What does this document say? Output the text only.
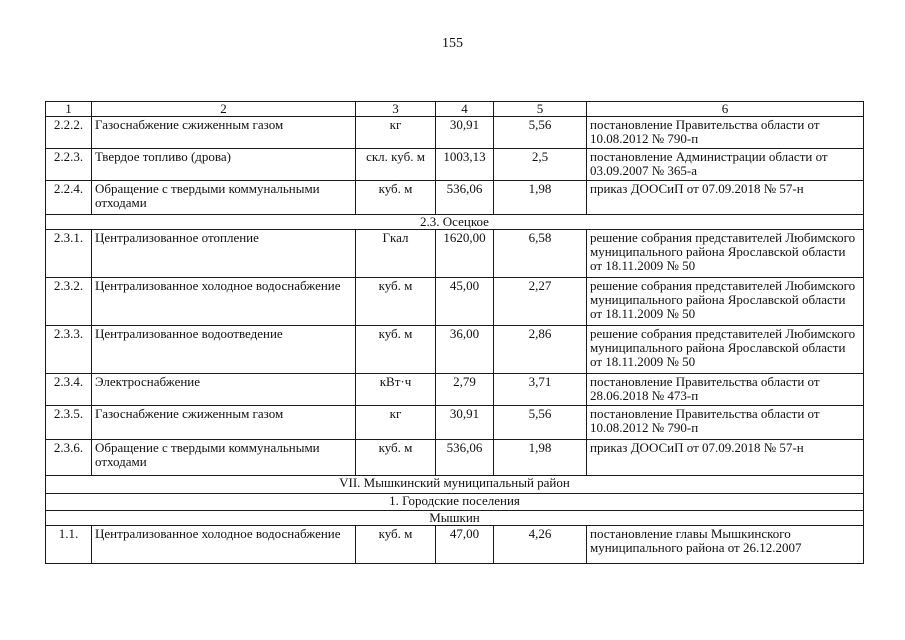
155
1	2	3	4	5	6
2.2.2.	Газоснабжение сжиженным газом	кг	30,91	5,56	постановление Правительства области от 10.08.2012 № 790-п
2.2.3.	Твердое топливо (дрова)	скл. куб. м	1003,13	2,5	постановление Администрации области от 03.09.2007 № 365-а
2.2.4.	Обращение с твердыми коммунальными отходами	куб. м	536,06	1,98	приказ ДООСиП от 07.09.2018 № 57-н
2.3. Осецкое					
2.3.1.	Централизованное отопление	Гкал	1620,00	6,58	решение собрания представителей Любимского муниципального района Ярославской области от 18.11.2009 № 50
2.3.2.	Централизованное холодное водоснабжение	куб. м	45,00	2,27	решение собрания представителей Любимского муниципального района Ярославской области от 18.11.2009 № 50
2.3.3.	Централизованное водоотведение	куб. м	36,00	2,86	решение собрания представителей Любимского муниципального района Ярославской области от 18.11.2009 № 50
2.3.4.	Электроснабжение	кВт·ч	2,79	3,71	постановление Правительства области от 28.06.2018 № 473-п
2.3.5.	Газоснабжение сжиженным газом	кг	30,91	5,56	постановление Правительства области от 10.08.2012 № 790-п
2.3.6.	Обращение с твердыми коммунальными отходами	куб. м	536,06	1,98	приказ ДООСиП от 07.09.2018 № 57-н
VII. Мышкинский муниципальный район					
1. Городские поселения					
Мышкин					
1.1.	Централизованное холодное водоснабжение	куб. м	47,00	4,26	постановление главы Мышкинского муниципального района от 26.12.2007
